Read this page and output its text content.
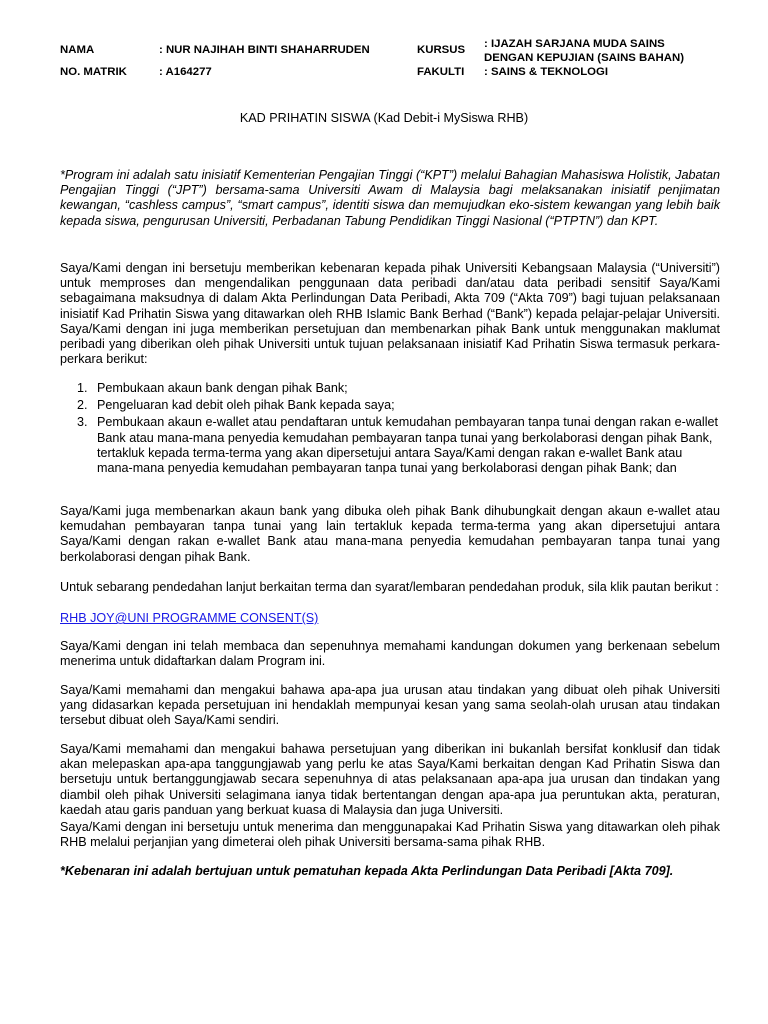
NAMA	: NUR NAJIHAH BINTI SHAHARRUDEN	KURSUS : IJAZAH SARJANA MUDA SAINS
DENGAN KEPUJIAN (SAINS BAHAN)
NO. MATRIK	: A164277	FAKULTI : SAINS & TEKNOLOGI
KAD PRIHATIN SISWA (Kad Debit-i MySiswa RHB)

*Program ini adalah satu inisiatif Kementerian Pengajian Tinggi (“KPT”) melalui Bahagian Mahasiswa Holistik, Jabatan Pengajian Tinggi (“JPT”) bersama-sama Universiti Awam di Malaysia bagi melaksanakan inisiatif penjimatan kewangan, “cashless campus”, “smart campus”, identiti siswa dan memujudkan eko-sistem kewangan yang lebih baik kepada siswa, pengurusan Universiti, Perbadanan Tabung Pendidikan Tinggi Nasional (“PTPTN”) dan KPT.

Saya/Kami dengan ini bersetuju memberikan kebenaran kepada pihak Universiti Kebangsaan Malaysia (“Universiti”) untuk memproses dan mengendalikan penggunaan data peribadi dan/atau data peribadi sensitif Saya/Kami sebagaimana maksudnya di dalam Akta Perlindungan Data Peribadi, Akta 709 (“Akta 709”) bagi tujuan pelaksanaan inisiatif Kad Prihatin Siswa yang ditawarkan oleh RHB Islamic Bank Berhad (“Bank”) kepada pelajar-pelajar Universiti. Saya/Kami dengan ini juga memberikan persetujuan dan membenarkan pihak Bank untuk menggunakan maklumat peribadi yang diberikan oleh pihak Universiti untuk tujuan pelaksanaan inisiatif Kad Prihatin Siswa termasuk perkara-perkara berikut:

1. Pembukaan akaun bank dengan pihak Bank;
2. Pengeluaran kad debit oleh pihak Bank kepada saya;
3. Pembukaan akaun e-wallet atau pendaftaran untuk kemudahan pembayaran tanpa tunai dengan rakan e-wallet Bank atau mana-mana penyedia kemudahan pembayaran tanpa tunai yang berkolaborasi dengan pihak Bank, tertakluk kepada terma-terma yang akan dipersetujui antara Saya/Kami dengan rakan e-wallet Bank atau mana-mana penyedia kemudahan pembayaran tanpa tunai yang berkolaborasi dengan pihak Bank; dan

Saya/Kami juga membenarkan akaun bank yang dibuka oleh pihak Bank dihubungkait dengan akaun e-wallet atau kemudahan pembayaran tanpa tunai yang lain tertakluk kepada terma-terma yang akan dipersetujui antara Saya/Kami dengan rakan e-wallet Bank atau mana-mana penyedia kemudahan pembayaran tanpa tunai yang berkolaborasi dengan pihak Bank.

Untuk sebarang pendedahan lanjut berkaitan terma dan syarat/lembaran pendedahan produk, sila klik pautan berikut :

RHB JOY@UNI PROGRAMME CONSENT(S)

Saya/Kami dengan ini telah membaca dan sepenuhnya memahami kandungan dokumen yang berkenaan sebelum menerima untuk didaftarkan dalam Program ini.

Saya/Kami memahami dan mengakui bahawa apa-apa jua urusan atau tindakan yang dibuat oleh pihak Universiti yang didasarkan kepada persetujuan ini hendaklah mempunyai kesan yang sama seolah-olah urusan atau tindakan tersebut dibuat oleh Saya/Kami sendiri.

Saya/Kami memahami dan mengakui bahawa persetujuan yang diberikan ini bukanlah bersifat konklusif dan tidak akan melepaskan apa-apa tanggungjawab yang perlu ke atas Saya/Kami berkaitan dengan Kad Prihatin Siswa dan bersetuju untuk bertanggungjawab secara sepenuhnya di atas pelaksanaan apa-apa jua urusan dan tindakan yang diambil oleh pihak Universiti selagimana ianya tidak bertentangan dengan apa-apa jua peruntukan akta, peraturan, kaedah atau garis panduan yang berkuat kuasa di Malaysia dan juga Universiti.

Saya/Kami dengan ini bersetuju untuk menerima dan menggunapakai Kad Prihatin Siswa yang ditawarkan oleh pihak RHB melalui perjanjian yang dimeterai oleh pihak Universiti bersama-sama pihak RHB.

*Kebenaran ini adalah bertujuan untuk pematuhan kepada Akta Perlindungan Data Peribadi [Akta 709].
